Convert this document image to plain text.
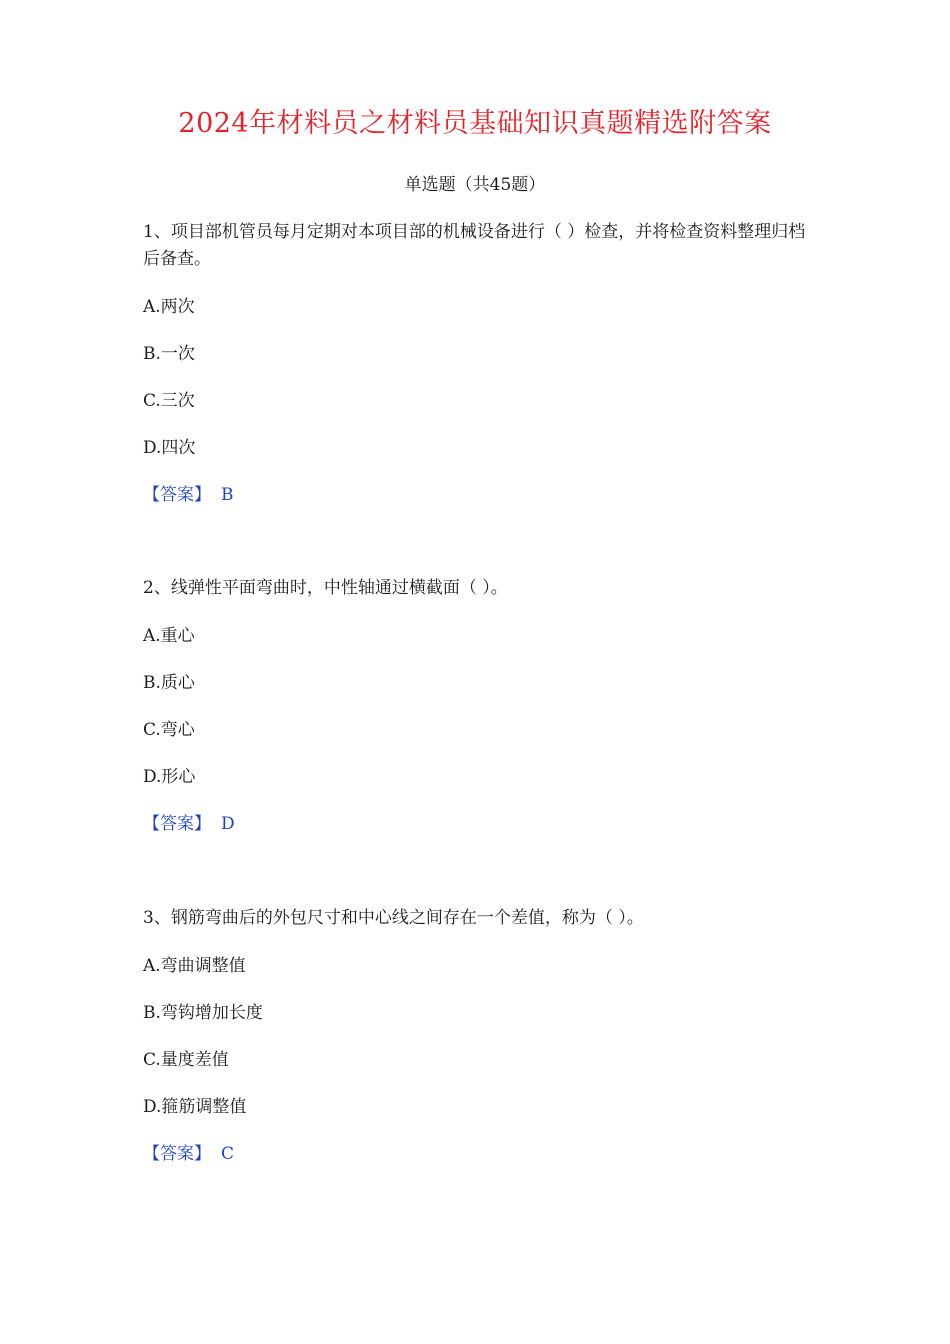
2024年材料员之材料员基础知识真题精选附答案
单选题（共45题）

1、项目部机管员每月定期对本项目部的机械设备进行（ ）检查，并将检查资料整理归档后备查。

A.两次
B.一次
C.三次
D.四次
【答案】 B

2、线弹性平面弯曲时，中性轴通过横截面（ ）。

A.重心
B.质心
C.弯心
D.形心
【答案】 D

3、钢筋弯曲后的外包尺寸和中心线之间存在一个差值，称为（ ）。

A.弯曲调整值
B.弯钩增加长度
C.量度差值
D.箍筋调整值
【答案】 C
